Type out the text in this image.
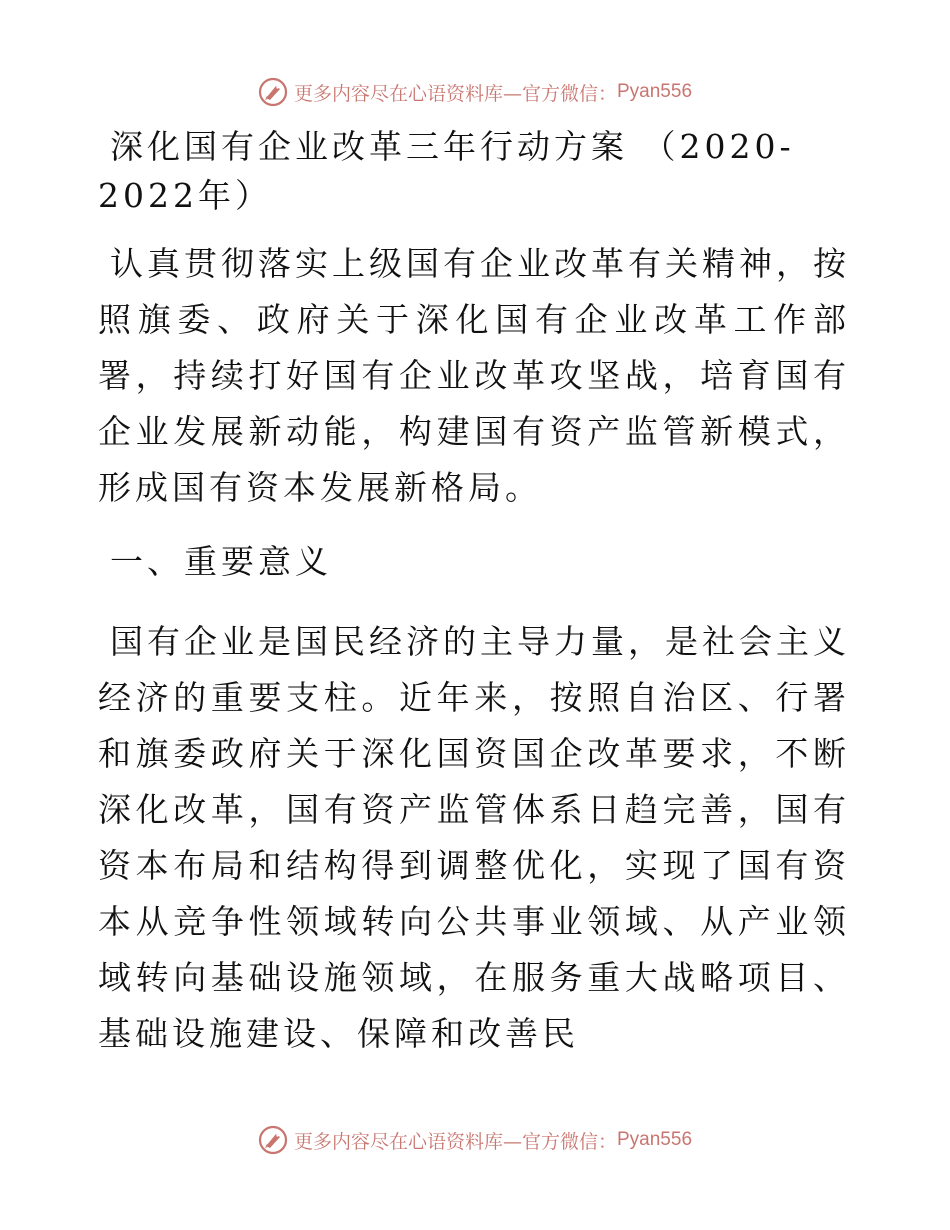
更多内容尽在心语资料库—官方微信： Pyan556

深化国有企业改革三年行动方案 （2020-2022年）

认真贯彻落实上级国有企业改革有关精神，按照旗委、政府关于深化国有企业改革工作部署，持续打好国有企业改革攻坚战，培育国有企业发展新动能，构建国有资产监管新模式，形成国有资本发展新格局。

一、重要意义

国有企业是国民经济的主导力量，是社会主义经济的重要支柱。近年来，按照自治区、行署和旗委政府关于深化国资国企改革要求，不断深化改革，国有资产监管体系日趋完善，国有资本布局和结构得到调整优化，实现了国有资本从竞争性领域转向公共事业领域、从产业领域转向基础设施领域，在服务重大战略项目、基础设施建设、保障和改善民

更多内容尽在心语资料库—官方微信： Pyan556
